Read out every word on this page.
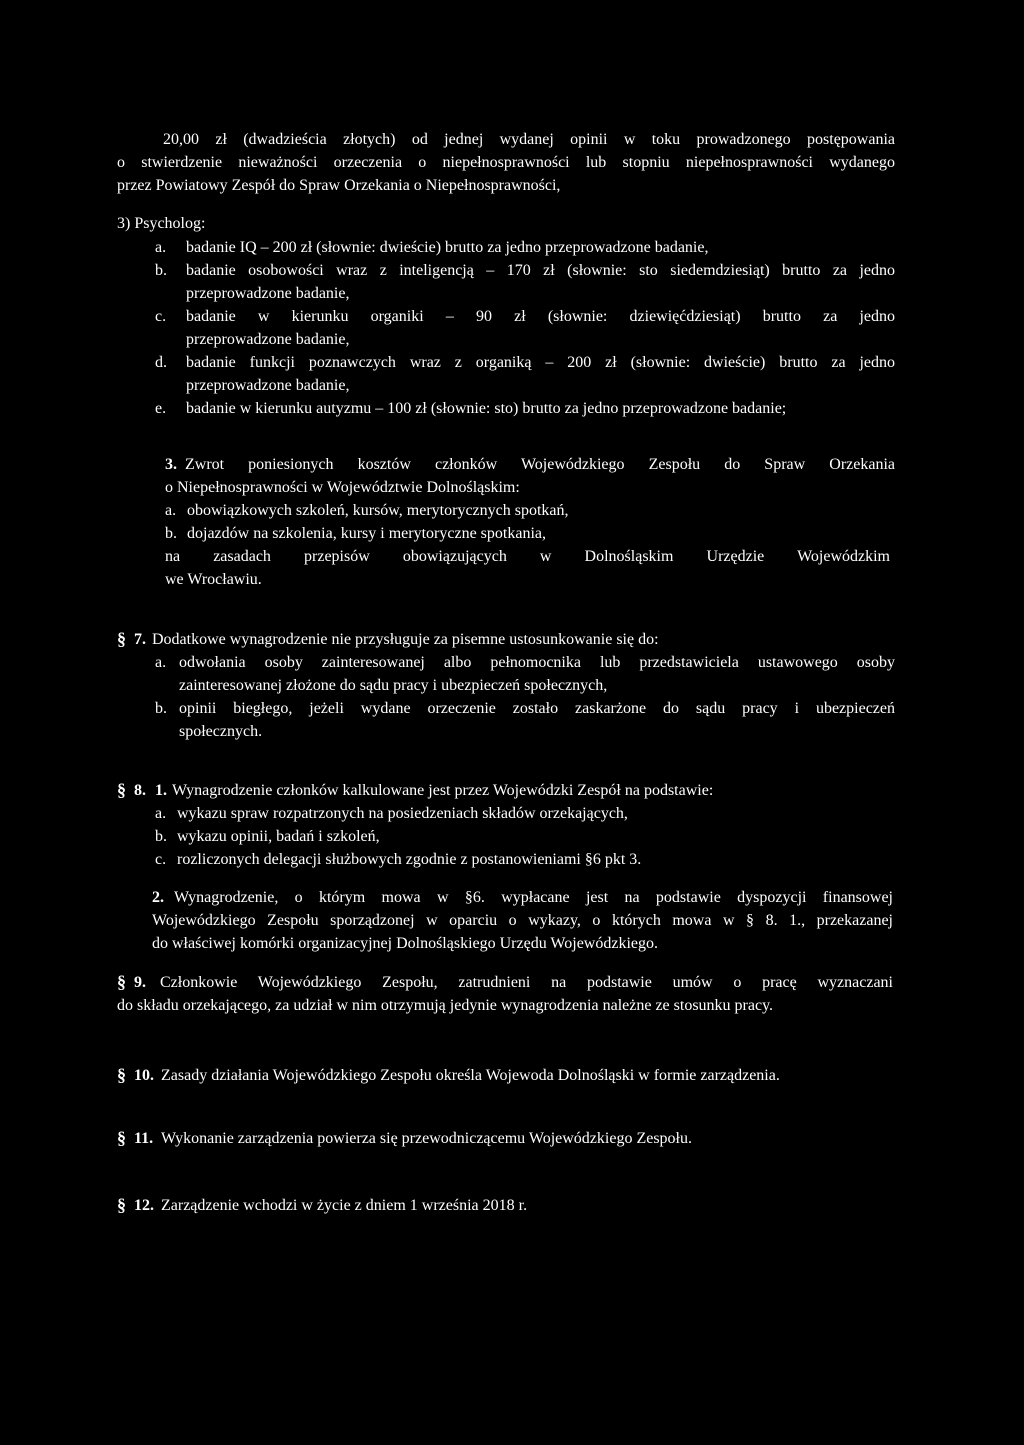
20,00 zł (dwadzieścia złotych) od jednej wydanej opinii w toku prowadzonego postępowania
o stwierdzenie nieważności orzeczenia o niepełnosprawności lub stopniu niepełnosprawności wydanego
przez Powiatowy Zespół do Spraw Orzekania o Niepełnosprawności,
3) Psycholog:
a. badanie IQ – 200 zł (słownie: dwieście) brutto za jedno przeprowadzone badanie,
b. badanie osobowości wraz z inteligencją – 170 zł (słownie: sto siedemdziesiąt) brutto za jedno
przeprowadzone badanie,
c. badanie w kierunku organiki – 90 zł (słownie: dziewięćdziesiąt) brutto za jedno
przeprowadzone badanie,
d. badanie funkcji poznawczych wraz z organiką – 200 zł (słownie: dwieście) brutto za jedno
przeprowadzone badanie,
e. badanie w kierunku autyzmu – 100 zł (słownie: sto) brutto za jedno przeprowadzone badanie;
3. Zwrot poniesionych kosztów członków Wojewódzkiego Zespołu do Spraw Orzekania
o Niepełnosprawności w Województwie Dolnośląskim:
a. obowiązkowych szkoleń, kursów, merytorycznych spotkań,
b. dojazdów na szkolenia, kursy i merytoryczne spotkania,
na zasadach przepisów obowiązujących w Dolnośląskim Urzędzie Wojewódzkim
we Wrocławiu.
§ 7. Dodatkowe wynagrodzenie nie przysługuje za pisemne ustosunkowanie się do:
a. odwołania osoby zainteresowanej albo pełnomocnika lub przedstawiciela ustawowego osoby
zainteresowanej złożone do sądu pracy i ubezpieczeń społecznych,
b. opinii biegłego, jeżeli wydane orzeczenie zostało zaskarżone do sądu pracy i ubezpieczeń
społecznych.
§ 8. 1. Wynagrodzenie członków kalkulowane jest przez Wojewódzki Zespół na podstawie:
a. wykazu spraw rozpatrzonych na posiedzeniach składów orzekających,
b. wykazu opinii, badań i szkoleń,
c. rozliczonych delegacji służbowych zgodnie z postanowieniami §6 pkt 3.
2. Wynagrodzenie, o którym mowa w §6. wypłacane jest na podstawie dyspozycji finansowej
Wojewódzkiego Zespołu sporządzonej w oparciu o wykazy, o których mowa w § 8. 1., przekazanej
do właściwej komórki organizacyjnej Dolnośląskiego Urzędu Wojewódzkiego.
§ 9. Członkowie Wojewódzkiego Zespołu, zatrudnieni na podstawie umów o pracę wyznaczani
do składu orzekającego, za udział w nim otrzymują jedynie wynagrodzenia należne ze stosunku pracy.
§ 10. Zasady działania Wojewódzkiego Zespołu określa Wojewoda Dolnośląski w formie zarządzenia.
§ 11. Wykonanie zarządzenia powierza się przewodniczącemu Wojewódzkiego Zespołu.
§ 12. Zarządzenie wchodzi w życie z dniem 1 września 2018 r.
